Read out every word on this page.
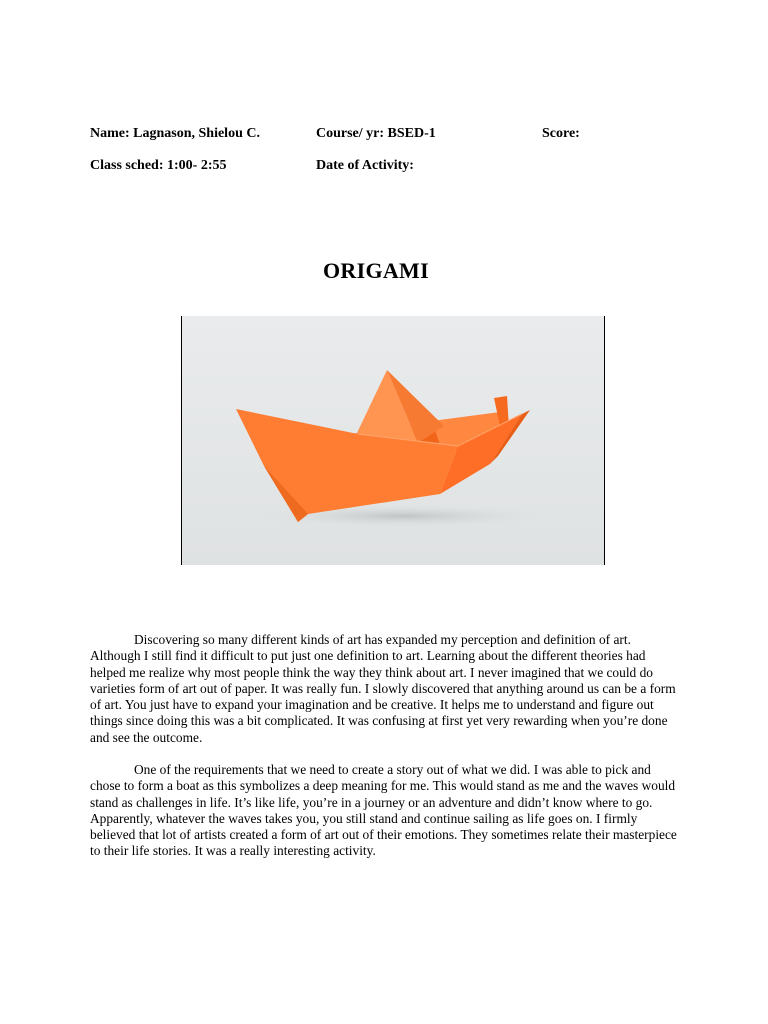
Name: Lagnason, Shielou C.	Course/ yr: BSED-1	Score:
Class sched: 1:00- 2:55	Date of Activity:
ORIGAMI

Discovering so many different kinds of art has expanded my perception and definition of art. Although I still find it difficult to put just one definition to art. Learning about the different theories had helped me realize why most people think the way they think about art. I never imagined that we could do varieties form of art out of paper. It was really fun. I slowly discovered that anything around us can be a form of art. You just have to expand your imagination and be creative. It helps me to understand and figure out things since doing this was a bit complicated. It was confusing at first yet very rewarding when you’re done and see the outcome.

One of the requirements that we need to create a story out of what we did. I was able to pick and chose to form a boat as this symbolizes a deep meaning for me. This would stand as me and the waves would stand as challenges in life. It’s like life, you’re in a journey or an adventure and didn’t know where to go. Apparently, whatever the waves takes you, you still stand and continue sailing as life goes on. I firmly believed that lot of artists created a form of art out of their emotions. They sometimes relate their masterpiece to their life stories. It was a really interesting activity.
